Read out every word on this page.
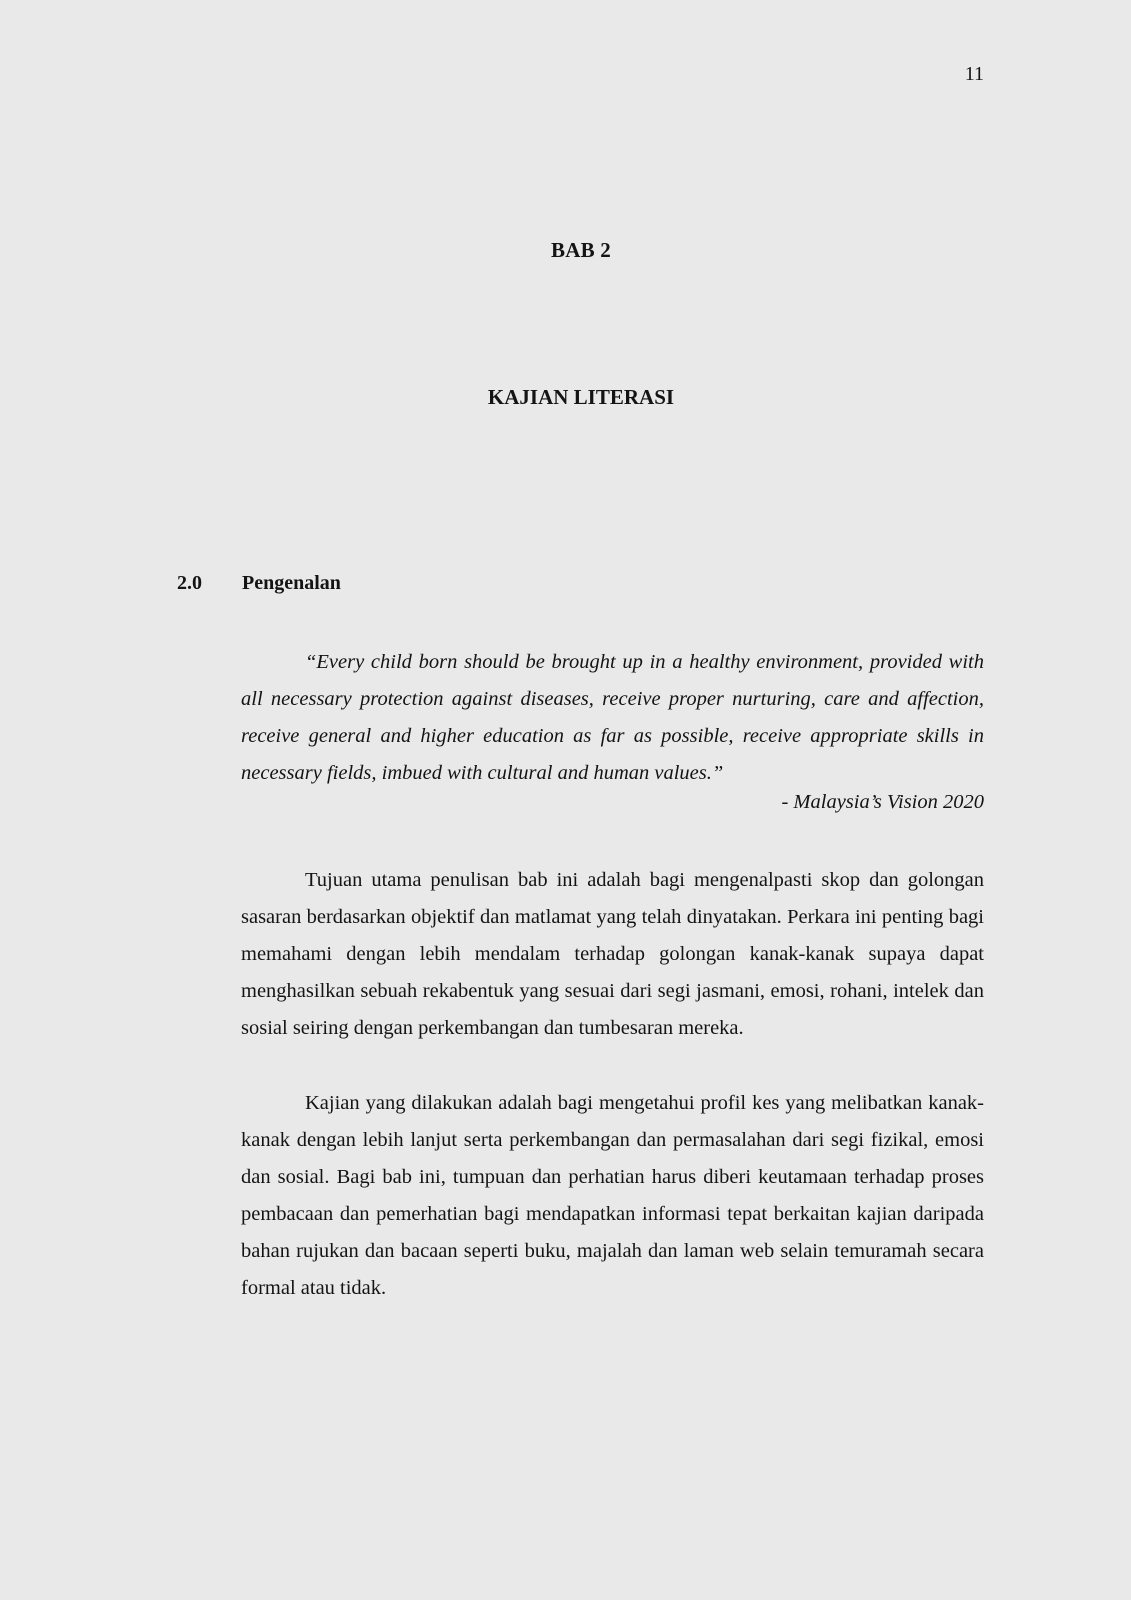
11
BAB 2
KAJIAN LITERASI
2.0 Pengenalan
“Every child born should be brought up in a healthy environment, provided with all necessary protection against diseases, receive proper nurturing, care and affection, receive general and higher education as far as possible, receive appropriate skills in necessary fields, imbued with cultural and human values.”
- Malaysia’s Vision 2020

Tujuan utama penulisan bab ini adalah bagi mengenalpasti skop dan golongan sasaran berdasarkan objektif dan matlamat yang telah dinyatakan. Perkara ini penting bagi memahami dengan lebih mendalam terhadap golongan kanak-kanak supaya dapat menghasilkan sebuah rekabentuk yang sesuai dari segi jasmani, emosi, rohani, intelek dan sosial seiring dengan perkembangan dan tumbesaran mereka.

Kajian yang dilakukan adalah bagi mengetahui profil kes yang melibatkan kanak-kanak dengan lebih lanjut serta perkembangan dan permasalahan dari segi fizikal, emosi dan sosial. Bagi bab ini, tumpuan dan perhatian harus diberi keutamaan terhadap proses pembacaan dan pemerhatian bagi mendapatkan informasi tepat berkaitan kajian daripada bahan rujukan dan bacaan seperti buku, majalah dan laman web selain temuramah secara formal atau tidak.
